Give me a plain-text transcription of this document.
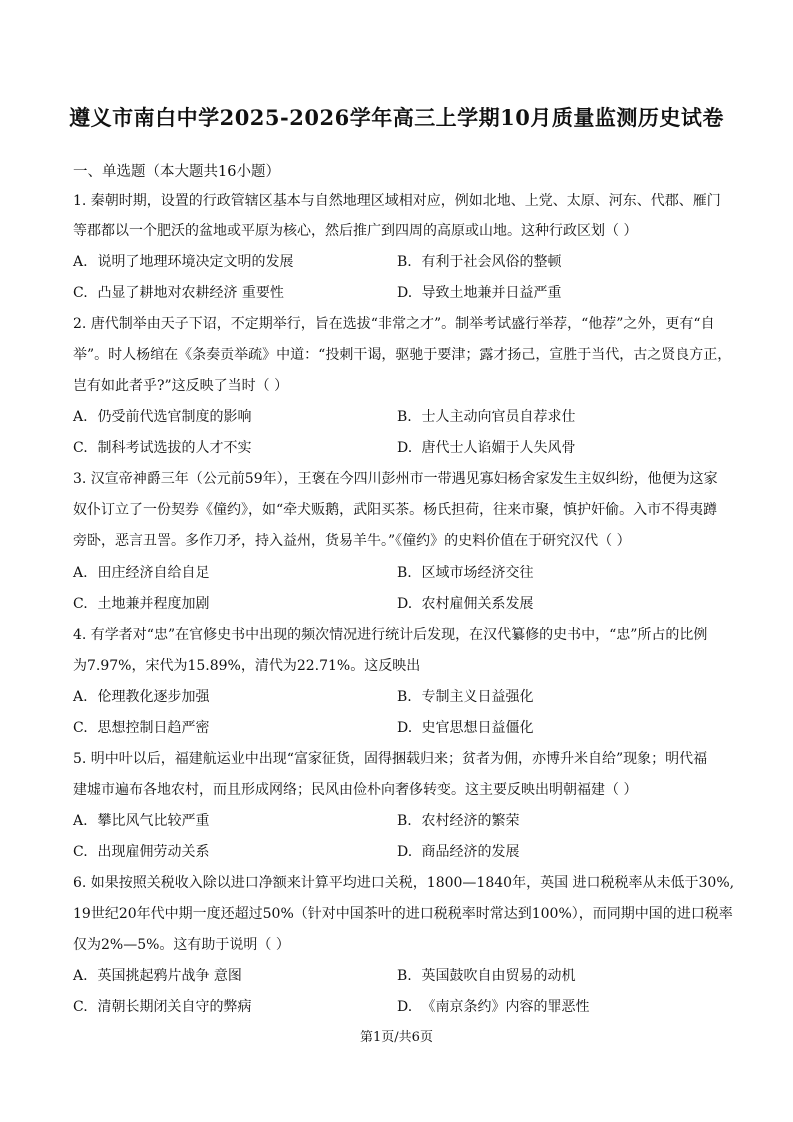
遵义市南白中学2025-2026学年高三上学期10月质量监测历史试卷
一、单选题（本大题共16小题）
1. 秦朝时期，设置的行政管辖区基本与自然地理区域相对应，例如北地、上党、太原、河东、代郡、雁门
等郡都以一个肥沃的盆地或平原为核心，然后推广到四周的高原或山地。这种行政区划（ ）
A. 说明了地理环境决定文明的发展	B. 有利于社会风俗的整顿
C. 凸显了耕地对农耕经济 重要性	D. 导致土地兼并日益严重
2. 唐代制举由天子下诏，不定期举行，旨在选拔“非常之才”。制举考试盛行举荐，“他荐”之外，更有“自
举”。时人杨绾在《条奏贡举疏》中道：“投刺干谒，驱驰于要津；露才扬己，宣胜于当代，古之贤良方正，
岂有如此者乎?”这反映了当时（ ）
A. 仍受前代选官制度的影响	B. 士人主动向官员自荐求仕
C. 制科考试选拔的人才不实	D. 唐代士人谄媚于人失风骨
3. 汉宣帝神爵三年（公元前59年），王褒在今四川彭州市一带遇见寡妇杨舍家发生主奴纠纷，他便为这家
奴仆订立了一份契券《僮约》，如“牵犬贩鹅，武阳买茶。杨氏担荷，往来市聚，慎护奸偷。入市不得夷蹲
旁卧，恶言丑詈。多作刀矛，持入益州，货易羊牛。”《僮约》的史料价值在于研究汉代（ ）
A. 田庄经济自给自足	B. 区域市场经济交往
C. 土地兼并程度加剧	D. 农村雇佣关系发展
4. 有学者对“忠”在官修史书中出现的频次情况进行统计后发现，在汉代纂修的史书中，“忠”所占的比例
为7.97%，宋代为15.89%，清代为22.71%。这反映出
A. 伦理教化逐步加强	B. 专制主义日益强化
C. 思想控制日趋严密	D. 史官思想日益僵化
5. 明中叶以后，福建航运业中出现“富家征货，固得捆载归来；贫者为佣，亦博升米自给”现象；明代福
建墟市遍布各地农村，而且形成网络；民风由俭朴向奢侈转变。这主要反映出明朝福建（ ）
A. 攀比风气比较严重	B. 农村经济的繁荣
C. 出现雇佣劳动关系	D. 商品经济的发展
6. 如果按照关税收入除以进口净额来计算平均进口关税，1800—1840年，英国 进口税税率从未低于30%,
19世纪20年代中期一度还超过50%（针对中国茶叶的进口税税率时常达到100%），而同期中国的进口税率
仅为2%—5%。这有助于说明（ ）
A. 英国挑起鸦片战争 意图	B. 英国鼓吹自由贸易的动机
C. 清朝长期闭关自守的弊病	D. 《南京条约》内容的罪恶性
第1页/共6页
